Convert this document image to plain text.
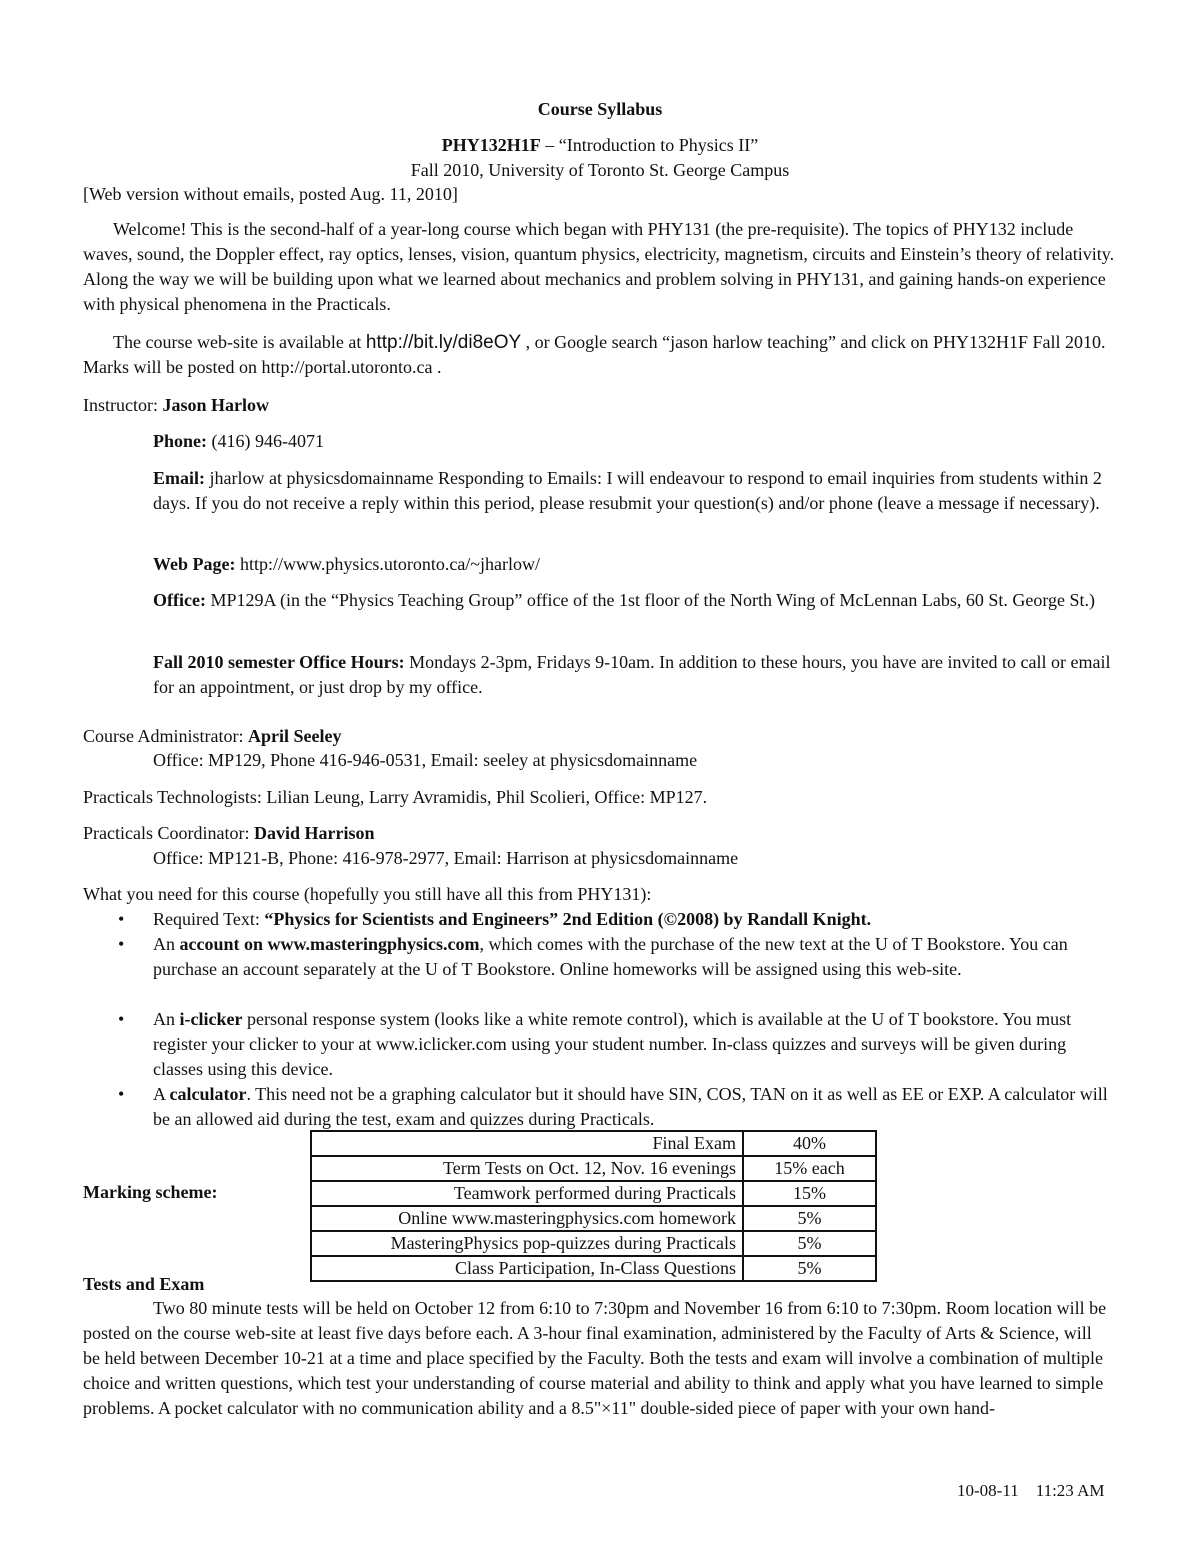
Course Syllabus
PHY132H1F – “Introduction to Physics II”
Fall 2010, University of Toronto St. George Campus
[Web version without emails, posted Aug. 11, 2010]
Welcome! This is the second-half of a year-long course which began with PHY131 (the pre-requisite). The topics of PHY132 include waves, sound, the Doppler effect, ray optics, lenses, vision, quantum physics, electricity, magnetism, circuits and Einstein’s theory of relativity. Along the way we will be building upon what we learned about mechanics and problem solving in PHY131, and gaining hands-on experience with physical phenomena in the Practicals.
The course web-site is available at http://bit.ly/di8eOY , or Google search “jason harlow teaching” and click on PHY132H1F Fall 2010. Marks will be posted on http://portal.utoronto.ca .
Instructor: Jason Harlow
Phone: (416) 946-4071
Email: jharlow at physicsdomainname Responding to Emails: I will endeavour to respond to email inquiries from students within 2 days. If you do not receive a reply within this period, please resubmit your question(s) and/or phone (leave a message if necessary).
Web Page: http://www.physics.utoronto.ca/~jharlow/
Office: MP129A (in the “Physics Teaching Group” office of the 1st floor of the North Wing of McLennan Labs, 60 St. George St.)
Fall 2010 semester Office Hours: Mondays 2-3pm, Fridays 9-10am. In addition to these hours, you have are invited to call or email for an appointment, or just drop by my office.
Course Administrator: April Seeley
Office: MP129, Phone 416-946-0531, Email: seeley at physicsdomainname
Practicals Technologists: Lilian Leung, Larry Avramidis, Phil Scolieri, Office: MP127.
Practicals Coordinator: David Harrison
Office: MP121-B, Phone: 416-978-2977, Email: Harrison at physicsdomainname
What you need for this course (hopefully you still have all this from PHY131):
• Required Text: “Physics for Scientists and Engineers” 2nd Edition (©2008) by Randall Knight.
• An account on www.masteringphysics.com, which comes with the purchase of the new text at the U of T Bookstore. You can purchase an account separately at the U of T Bookstore. Online homeworks will be assigned using this web-site.
• An i-clicker personal response system (looks like a white remote control), which is available at the U of T bookstore. You must register your clicker to your at www.iclicker.com using your student number. In-class quizzes and surveys will be given during classes using this device.
• A calculator. This need not be a graphing calculator but it should have SIN, COS, TAN on it as well as EE or EXP. A calculator will be an allowed aid during the test, exam and quizzes during Practicals.
Marking scheme:
Final Exam	40%
Term Tests on Oct. 12, Nov. 16 evenings	15% each
Teamwork performed during Practicals	15%
Online www.masteringphysics.com homework	5%
MasteringPhysics pop-quizzes during Practicals	5%
Class Participation, In-Class Questions	5%
Tests and Exam
Two 80 minute tests will be held on October 12 from 6:10 to 7:30pm and November 16 from 6:10 to 7:30pm. Room location will be posted on the course web-site at least five days before each. A 3-hour final examination, administered by the Faculty of Arts & Science, will be held between December 10-21 at a time and place specified by the Faculty. Both the tests and exam will involve a combination of multiple choice and written questions, which test your understanding of course material and ability to think and apply what you have learned to simple problems. A pocket calculator with no communication ability and a 8.5"×11" double-sided piece of paper with your own hand-
10-08-11 11:23 AM
